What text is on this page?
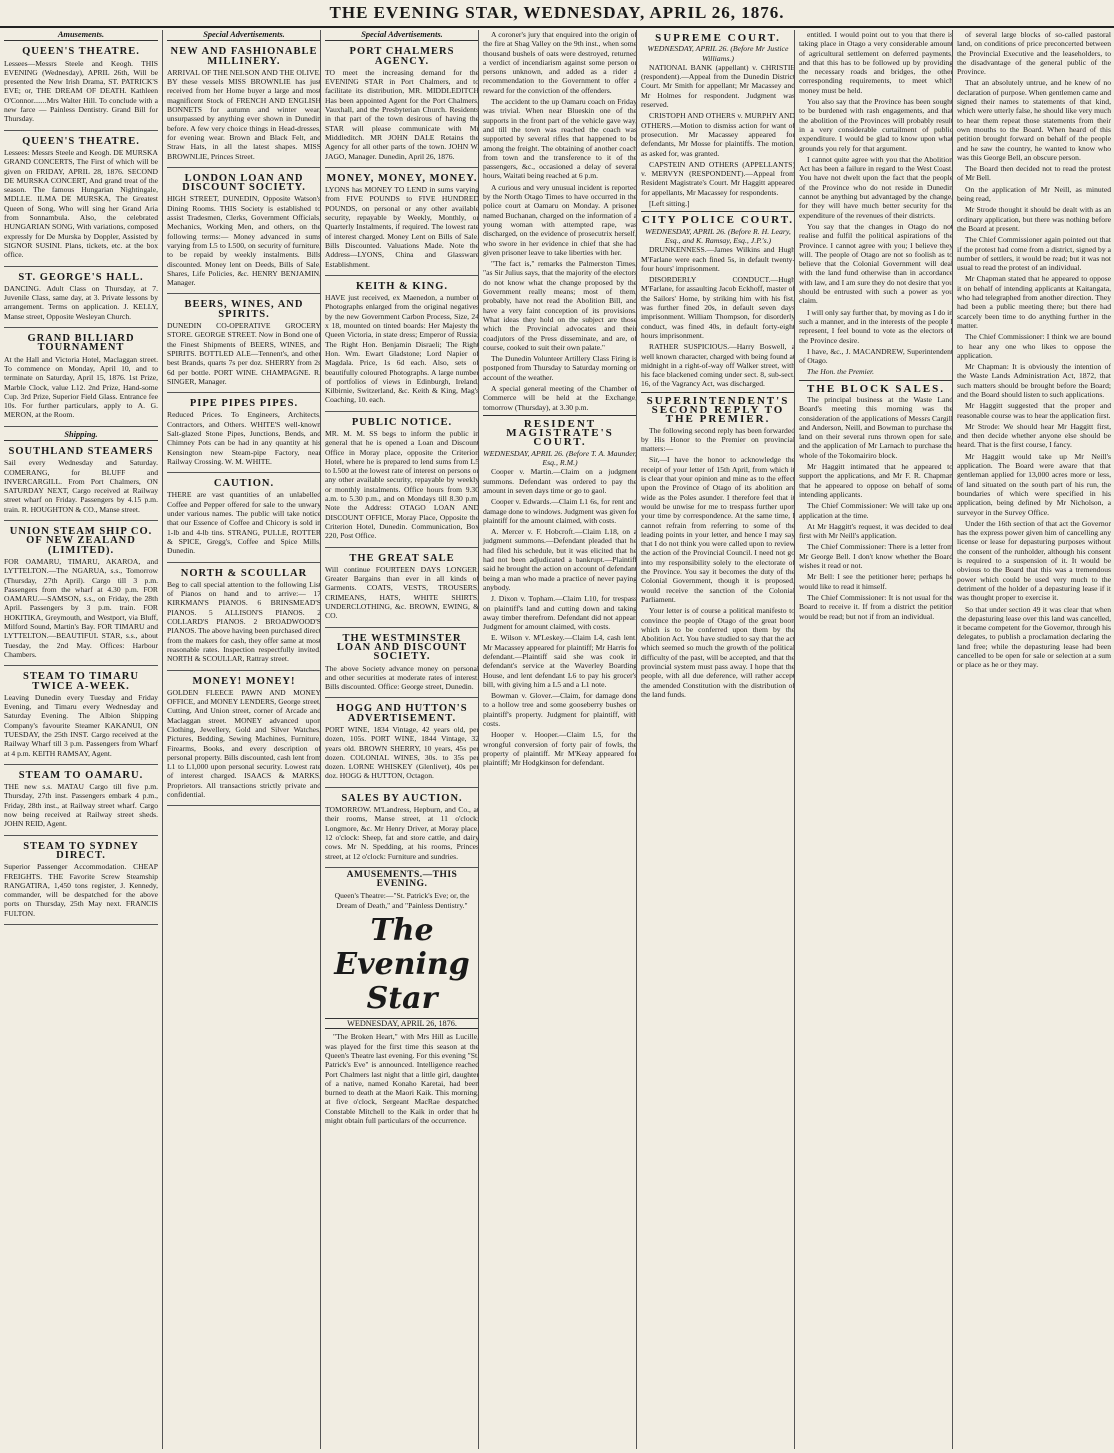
THE EVENING STAR, WEDNESDAY, APRIL 26, 1876.
Amusements.
QUEEN'S THEATRE.

Lessees—Messrs Steele and Keogh. THIS EVENING (Wednesday), APRIL 26th, Will be presented the New Irish Drama, ST. PATRICK'S EVE; or, THE DREAM OF DEATH. Kathleen O'Connor.......Mrs Walter Hill. To conclude with a new farce — Painless Dentistry. Grand Bill for Thursday.

QUEEN'S THEATRE.

Lessees: Messrs Steele and Keogh. DE MURSKA GRAND CONCERTS, The First of which will be given on FRIDAY, APRIL 28, 1876. SECOND DE MURSKA CONCERT, And grand treat of the season. The famous Hungarian Nightingale, MDLLE. ILMA DE MURSKA, The Greatest Queen of Song, Who will sing her Grand Aria from Sonnambula. Also, the celebrated HUNGARIAN SONG, With variations, composed expressly for De Murska by Doppler, Assisted by SIGNOR SUSINI. Plans, tickets, etc. at the box office.

ST. GEORGE'S HALL.

DANCING. Adult Class on Thursday, at 7. Juvenile Class, same day, at 3. Private lessons by arrangement. Terms on application. J. KELLY, Manse street, Opposite Wesleyan Church.

GRAND BILLIARD TOURNAMENT

At the Hall and Victoria Hotel, Maclaggan street. To commence on Monday, April 10, and to terminate on Saturday, April 15, 1876. 1st Prize, Marble Clock, value L12. 2nd Prize, Hand-some Cup. 3rd Prize, Superior Field Glass. Entrance fee 10s. For further particulars, apply to A. G. MERON, at the Room.

Shipping.
SOUTHLAND STEAMERS

Sail every Wednesday and Saturday. COMERANG, for BLUFF and INVERCARGILL. From Port Chalmers, ON SATURDAY NEXT, Cargo received at Railway street wharf on Friday. Passengers by 4.15 p.m. train. R. HOUGHTON & CO., Manse street.

UNION STEAM SHIP CO. OF NEW ZEALAND (LIMITED).

FOR OAMARU, TIMARU, AKAROA, and LYTTELTON.—The NGARUA, s.s., Tomorrow (Thursday, 27th April). Cargo till 3 p.m. Passengers from the wharf at 4.30 p.m. FOR OAMARU.—SAMSON, s.s., on Friday, the 28th April. Passengers by 3 p.m. train. FOR HOKITIKA, Greymouth, and Westport, via Bluff, Milford Sound, Martin's Bay. FOR TIMARU and LYTTELTON.—BEAUTIFUL STAR, s.s., about Tuesday, the 2nd May. Offices: Harbour Chambers.

STEAM TO TIMARU TWICE A-WEEK.

Leaving Dunedin every Tuesday and Friday Evening, and Timaru every Wednesday and Saturday Evening. The Albion Shipping Company's favourite Steamer KAKANUI, ON TUESDAY, the 25th INST. Cargo received at the Railway Wharf till 3 p.m. Passengers from Wharf at 4 p.m. KEITH RAMSAY, Agent.

STEAM TO OAMARU.

THE new s.s. MATAU Cargo till five p.m. Thursday, 27th inst. Passengers embark 4 p.m., Friday, 28th inst., at Railway street wharf. Cargo now being received at Railway street sheds. JOHN REID, Agent.

STEAM TO SYDNEY DIRECT.

Superior Passenger Accommodation. CHEAP FREIGHTS. THE Favorite Screw Steamship RANGATIRA, 1,450 tons register, J. Kennedy, commander, will be despatched for the above ports on Thursday, 25th May next. FRANCIS FULTON.

Special Advertisements.
NEW AND FASHIONABLE MILLINERY.

ARRIVAL OF THE NELSON AND THE OLIVE. BY these vessels MISS BROWNLIE has just received from her Home buyer a large and most magnificent Stock of FRENCH AND ENGLISH BONNETS for autumn and winter wear, unsurpassed by anything ever shown in Dunedin before. A few very choice things in Head-dresses, for evening wear. Brown and Black Felt, and Straw Hats, in all the latest shapes. MISS BROWNLIE, Princes Street.

LONDON LOAN AND DISCOUNT SOCIETY.

HIGH STREET, DUNEDIN, Opposite Watson's Dining Rooms. THIS Society is established to assist Tradesmen, Clerks, Government Officials, Mechanics, Working Men, and others, on the following terms:— Money advanced in sums varying from L5 to L500, on security of furniture, to be repaid by weekly instalments. Bills discounted. Money lent on Deeds, Bills of Sale, Shares, Life Policies, &c. HENRY BENJAMIN, Manager.

BEERS, WINES, AND SPIRITS.

DUNEDIN CO-OPERATIVE GROCERY STORE. GEORGE STREET. Now in Bond one of the Finest Shipments of BEERS, WINES, and SPIRITS. BOTTLED ALE—Tennent's, and other best Brands, quarts 7s per doz. SHERRY from 2s 6d per bottle. PORT WINE. CHAMPAGNE. R. SINGER, Manager.

PIPE PIPES PIPES.

Reduced Prices. To Engineers, Architects, Contractors, and Others. WHITE'S well-known Salt-glazed Stone Pipes, Junctions, Bends, and Chimney Pots can be had in any quantity at his Kensington new Steam-pipe Factory, near Railway Crossing. W. M. WHITE.

CAUTION.

THERE are vast quantities of an unlabelled Coffee and Pepper offered for sale to the unwary under various names. The public will take notice that our Essence of Coffee and Chicory is sold in 1-lb and 4-lb tins. STRANG, PULLE, ROTTER & SPICE, Gregg's, Coffee and Spice Mills, Dunedin.

NORTH & SCOULLAR

Beg to call special attention to the following List of Pianos on hand and to arrive:— 17 KIRKMAN'S PIANOS. 6 BRINSMEAD'S PIANOS. 5 ALLISON'S PIANOS. 2 COLLARD'S PIANOS. 2 BROADWOOD'S PIANOS. The above having been purchased direct from the makers for cash, they offer same at most reasonable rates. Inspection respectfully invited. NORTH & SCOULLAR, Rattray street.

MONEY! MONEY!

GOLDEN FLEECE PAWN AND MONEY OFFICE, and MONEY LENDERS, George street, Cutting, And Union street, corner of Arcade and Maclaggan street. MONEY advanced upon Clothing, Jewellery, Gold and Silver Watches, Pictures, Bedding, Sewing Machines, Furniture, Firearms, Books, and every description of personal property. Bills discounted, cash lent from L1 to L1,000 upon personal security. Lowest rate of interest charged. ISAACS & MARKS, Proprietors. All transactions strictly private and confidential.

Special Advertisements.
PORT CHALMERS AGENCY.

TO meet the increasing demand for the EVENING STAR in Port Chalmers, and to facilitate its distribution, MR. MIDDLEDITCH Has been appointed Agent for the Port Chalmers, Vauxhall, and the Presbyterian Church. Residents in that part of the town desirous of having the STAR will please communicate with Mr Middleditch. MR JOHN DALE Retains the Agency for all other parts of the town. JOHN W. JAGO, Manager. Dunedin, April 26, 1876.

MONEY, MONEY, MONEY.

LYONS has MONEY TO LEND in sums varying from FIVE POUNDS to FIVE HUNDRED POUNDS, on personal or any other available security, repayable by Weekly, Monthly, or Quarterly Instalments, if required. The lowest rate of interest charged. Money Lent on Bills of Sale. Bills Discounted. Valuations Made. Note the Address—LYONS, China and Glassware Establishment.

KEITH & KING.

HAVE just received, ex Maenedon, a number of Photographs enlarged from the original negatives by the new Government Carbon Process, Size, 24 x 18, mounted on tinted boards: Her Majesty the Queen Victoria, in state dress; Emperor of Russia; The Right Hon. Benjamin Disraeli; The Right Hon. Wm. Ewart Gladstone; Lord Napier of Magdala. Price, 1s 6d each. Also, sets of beautifully coloured Photographs. A large number of portfolios of views in Edinburgh, Ireland, Kilbirnie, Switzerland, &c. Keith & King, Mag's Coaching, 10. each.

PUBLIC NOTICE.

MR. M. M. SS begs to inform the public in general that he is opened a Loan and Discount Office in Moray place, opposite the Criterion Hotel, where he is prepared to lend sums from L5 to L500 at the lowest rate of interest on persons or any other available security, repayable by weekly or monthly instalments. Office hours from 9.30 a.m. to 5.30 p.m., and on Mondays till 8.30 p.m. Note the Address: OTAGO LOAN AND DISCOUNT OFFICE, Moray Place, Opposite the Criterion Hotel, Dunedin. Communication, Box 220, Post Office.

THE GREAT SALE

Will continue FOURTEEN DAYS LONGER. Greater Bargains than ever in all kinds of Garments. COATS, VESTS, TROUSERS, CRIMEANS, HATS, WHITE SHIRTS, UNDERCLOTHING, &c. BROWN, EWING, & CO.

THE WESTMINSTER LOAN AND DISCOUNT SOCIETY.

The above Society advance money on personal and other securities at moderate rates of interest. Bills discounted. Office: George street, Dunedin.

HOGG AND HUTTON'S ADVERTISEMENT.

PORT WINE, 1834 Vintage, 42 years old, per dozen, 105s. PORT WINE, 1844 Vintage, 32 years old. BROWN SHERRY, 10 years, 45s per dozen. COLONIAL WINES, 30s. to 35s per dozen. LORNE WHISKEY (Glenlivet), 40s per doz. HOGG & HUTTON, Octagon.

SALES BY AUCTION.

TOMORROW. M'Landress, Hepburn, and Co., at their rooms, Manse street, at 11 o'clock: Longmore, &c. Mr Henry Driver, at Moray place, 12 o'clock: Sheep, fat and store cattle, and dairy cows. Mr N. Spedding, at his rooms, Princes street, at 12 o'clock: Furniture and sundries.

AMUSEMENTS.—THIS EVENING.

Queen's Theatre:—"St. Patrick's Eve; or, the Dream of Death," and "Painless Dentistry."

The Evening Star
WEDNESDAY, APRIL 26, 1876.

"The Broken Heart," with Mrs Hill as Lucille, was played for the first time this season at the Queen's Theatre last evening. For this evening "St. Patrick's Eve" is announced. Intelligence reached Port Chalmers last night that a little girl, daughter of a native, named Konaho Karetai, had been burned to death at the Maori Kaik. This morning, at five o'clock, Sergeant MacRae despatched Constable Mitchell to the Kaik in order that he might obtain full particulars of the occurrence.

A coroner's jury that enquired into the origin of the fire at Shag Valley on the 9th inst., when some thousand bushels of oats were destroyed, returned a verdict of incendiarism against some person or persons unknown, and added as a rider a recommendation to the Government to offer a reward for the conviction of the offenders.

The accident to the up Oamaru coach on Friday was trivial. When near Blueskin one of the supports in the front part of the vehicle gave way, and till the town was reached the coach was supported by several rifles that happened to be among the freight. The obtaining of another coach from town and the transference to it of the passengers, &c., occasioned a delay of several hours, Waitati being reached at 6 p.m.

A curious and very unusual incident is reported by the North Otago Times to have occurred in the police court at Oamaru on Monday. A prisoner named Buchanan, charged on the information of a young woman with attempted rape, was discharged, on the evidence of prosecutrix herself, who swore in her evidence in chief that she had given prisoner leave to take liberties with her.

"The fact is," remarks the Palmerston Times, "as Sir Julius says, that the majority of the electors do not know what the change proposed by the Government really means; most of them, probably, have not read the Abolition Bill, and have a very faint conception of its provisions. What ideas they hold on the subject are those which the Provincial advocates and their coadjutors of the Press disseminate, and are, of course, cooked to suit their own palate."

The Dunedin Volunteer Artillery Class Firing is postponed from Thursday to Saturday morning on account of the weather.

A special general meeting of the Chamber of Commerce will be held at the Exchange, tomorrow (Thursday), at 3.30 p.m.

RESIDENT MAGISTRATE'S COURT.
WEDNESDAY, APRIL 26. (Before T. A. Maunder, Esq., R.M.)

Cooper v. Martin.—Claim on a judgment summons. Defendant was ordered to pay the amount in seven days time or go to gaol.

Cooper v. Edwards.—Claim L1 6s, for rent and damage done to windows. Judgment was given for plaintiff for the amount claimed, with costs.

A. Mercer v. F. Hobcroft.—Claim L18, on a judgment summons.—Defendant pleaded that he had filed his schedule, but it was elicited that he had not been adjudicated a bankrupt.—Plaintiff said he brought the action on account of defendant being a man who made a practice of never paying anybody.

J. Dixon v. Topham.—Claim L10, for trespass on plaintiff's land and cutting down and taking away timber therefrom. Defendant did not appear. Judgment for amount claimed, with costs.

E. Wilson v. M'Leskey.—Claim L4, cash lent. Mr Macassey appeared for plaintiff; Mr Harris for defendant.—Plaintiff said she was cook in defendant's service at the Waverley Boarding House, and lent defendant L6 to pay his grocer's bill, with giving him a L5 and a L1 note.

Bowman v. Glover.—Claim, for damage done to a hollow tree and some gooseberry bushes on plaintiff's property. Judgment for plaintiff, with costs.

Hooper v. Hooper.—Claim L5, for the wrongful conversion of forty pair of fowls, the property of plaintiff. Mr M'Keay appeared for plaintiff; Mr Hodgkinson for defendant.

SUPREME COURT.
WEDNESDAY, APRIL 26. (Before Mr Justice Williams.)

NATIONAL BANK (appellant) v. CHRISTIE (respondent).—Appeal from the Dunedin District Court. Mr Smith for appellant; Mr Macassey and Mr Holmes for respondent. Judgment was reserved.

CRISTOPH AND OTHERS v. MURPHY AND OTHERS.—Motion to dismiss action for want of prosecution. Mr Macassey appeared for defendants, Mr Mosse for plaintiffs. The motion, as asked for, was granted.

CAPSTEIN AND OTHERS (APPELLANTS) v. MERVYN (RESPONDENT).—Appeal from Resident Magistrate's Court. Mr Haggitt appeared for appellants, Mr Macassey for respondents.

[Left sitting.]

CITY POLICE COURT.
WEDNESDAY, APRIL 26. (Before R. H. Leary, Esq., and K. Ramsay, Esq., J.P.'s.)

DRUNKENNESS.—James Wilkins and Hugh M'Farlane were each fined 5s, in default twenty-four hours' imprisonment.

DISORDERLY CONDUCT.—Hugh M'Farlane, for assaulting Jacob Eckhoff, master of the Sailors' Home, by striking him with his fist, was further fined 20s, in default seven days imprisonment. William Thompson, for disorderly conduct, was fined 40s, in default forty-eight hours imprisonment.

RATHER SUSPICIOUS.—Harry Boswell, a well known character, charged with being found at midnight in a right-of-way off Walker street, with his face blackened coming under sect. 8, sub-sect. 16, of the Vagrancy Act, was discharged.

SUPERINTENDENT'S SECOND REPLY TO THE PREMIER.

The following second reply has been forwarded by His Honor to the Premier on provincial matters:—

Sir,—I have the honor to acknowledge the receipt of your letter of 15th April, from which it is clear that your opinion and mine as to the effect upon the Province of Otago of its abolition are wide as the Poles asunder. I therefore feel that it would be unwise for me to trespass further upon your time by correspondence. At the same time, I cannot refrain from referring to some of the leading points in your letter, and hence I may say that I do not think you were called upon to review the action of the Provincial Council. I need not go into my responsibility solely to the electorate of the Province. You say it becomes the duty of the Colonial Government, though it is proposed, would receive the sanction of the Colonial Parliament.

Your letter is of course a political manifesto to convince the people of Otago of the great boon which is to be conferred upon them by the Abolition Act. You have studied to say that the act which seemed so much the growth of the political difficulty of the past, will be accepted, and that the provincial system must pass away. I hope that the people, with all due deference, will rather accept the amended Constitution with the distribution of the land funds.

entitled. I would point out to you that there is taking place in Otago a very considerable amount of agricultural settlement on deferred payments, and that this has to be followed up by providing the necessary roads and bridges, the other corresponding requirements, to meet which money must be held.

You also say that the Province has been sought to be burdened with rash engagements, and that the abolition of the Provinces will probably result in a very considerable curtailment of public expenditure. I would be glad to know upon what grounds you rely for that argument.

I cannot quite agree with you that the Abolition Act has been a failure in regard to the West Coast. You have not dwelt upon the fact that the people of the Province who do not reside in Dunedin cannot be anything but advantaged by the change, for they will have much better security for the expenditure of the revenues of their districts.

You say that the changes in Otago do not realise and fulfil the political aspirations of the Province. I cannot agree with you; I believe they will. The people of Otago are not so foolish as to believe that the Colonial Government will deal with the land fund otherwise than in accordance with law, and I am sure they do not desire that you should be entrusted with such a power as you claim.

I will only say further that, by moving as I do in such a manner, and in the interests of the people I represent, I feel bound to vote as the electors of the Province desire.

I have, &c., J. MACANDREW, Superintendent of Otago.

The Hon. the Premier.

THE BLOCK SALES.

The principal business at the Waste Land Board's meeting this morning was the consideration of the applications of Messrs Cargill and Anderson, Neill, and Bowman to purchase the land on their several runs thrown open for sale, and the application of Mr Larnach to purchase the whole of the Tokomairiro block.

Mr Haggitt intimated that he appeared to support the applications, and Mr F. R. Chapman that he appeared to oppose on behalf of some intending applicants.

The Chief Commissioner: We will take up one application at the time.

At Mr Haggitt's request, it was decided to deal first with Mr Neill's application.

The Chief Commissioner: There is a letter from Mr George Bell. I don't know whether the Board wishes it read or not.

Mr Bell: I see the petitioner here; perhaps he would like to read it himself.

The Chief Commissioner: It is not usual for the Board to receive it. If from a district the petition would be read; but not if from an individual.

of several large blocks of so-called pastoral land, on conditions of price preconcerted between the Provincial Executive and the leaseholders, to the disadvantage of the general public of the Province.

That an absolutely untrue, and he knew of no declaration of purpose. When gentlemen came and signed their names to statements of that kind, which were utterly false, he should like very much to hear them repeat those statements from their own mouths to the Board. When heard of this petition brought forward on behalf of the people and he saw the country, he wanted to know who was this George Bell, an obscure person.

The Board then decided not to read the protest of Mr Bell.

On the application of Mr Neill, as minuted being read,

Mr Strode thought it should be dealt with as an ordinary application, but there was nothing before the Board at present.

The Chief Commissioner again pointed out that if the protest had come from a district, signed by a number of settlers, it would be read; but it was not usual to read the protest of an individual.

Mr Chapman stated that he appeared to oppose it on behalf of intending applicants at Kaitangata, who had telegraphed from another direction. They had been a public meeting there; but there had scarcely been time to do anything further in the matter.

The Chief Commissioner: I think we are bound to hear any one who likes to oppose the application.

Mr Chapman: It is obviously the intention of the Waste Lands Administration Act, 1872, that such matters should be brought before the Board; and the Board should listen to such applications.

Mr Haggitt suggested that the proper and reasonable course was to hear the application first.

Mr Strode: We should hear Mr Haggitt first, and then decide whether anyone else should be heard. That is the first course, I fancy.

Mr Haggitt would take up Mr Neill's application. The Board were aware that that gentleman applied for 13,000 acres more or less, of land situated on the south part of his run, the boundaries of which were specified in his application, being defined by Mr Nicholson, a surveyor in the Survey Office.

Under the 16th section of that act the Governor has the express power given him of cancelling any license or lease for depasturing purposes without the consent of the runholder, although his consent is required to a suspension of it. It would be obvious to the Board that this was a tremendous power which could be used very much to the detriment of the holder of a depasturing lease if it was thought proper to exercise it.

So that under section 49 it was clear that when the depasturing lease over this land was cancelled, it became competent for the Governor, through his delegates, to publish a proclamation declaring the land free; while the depasturing lease had been cancelled to be open for sale or selection at a sum or place as he or they may.
